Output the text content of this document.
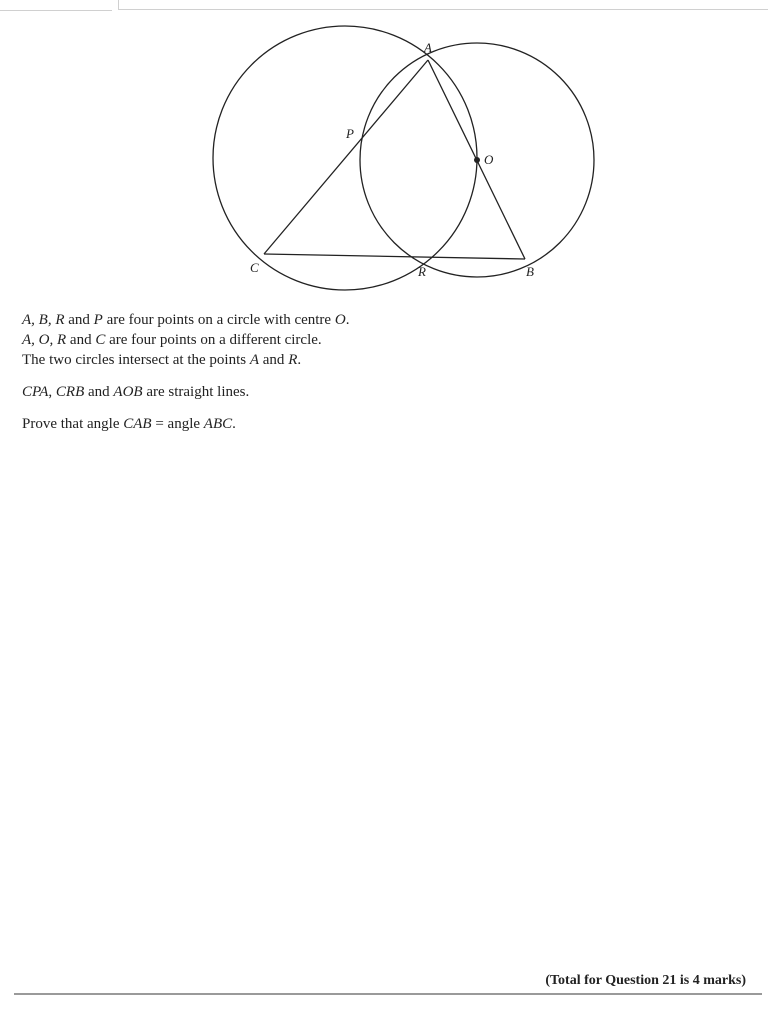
A
P
O
C	R	B

A, B, R and P are four points on a circle with centre O.

A, O, R and C are four points on a different circle.

The two circles intersect at the points A and R.

CPA, CRB and AOB are straight lines.

Prove that angle CAB = angle ABC.

(Total for Question 21 is 4 marks)
